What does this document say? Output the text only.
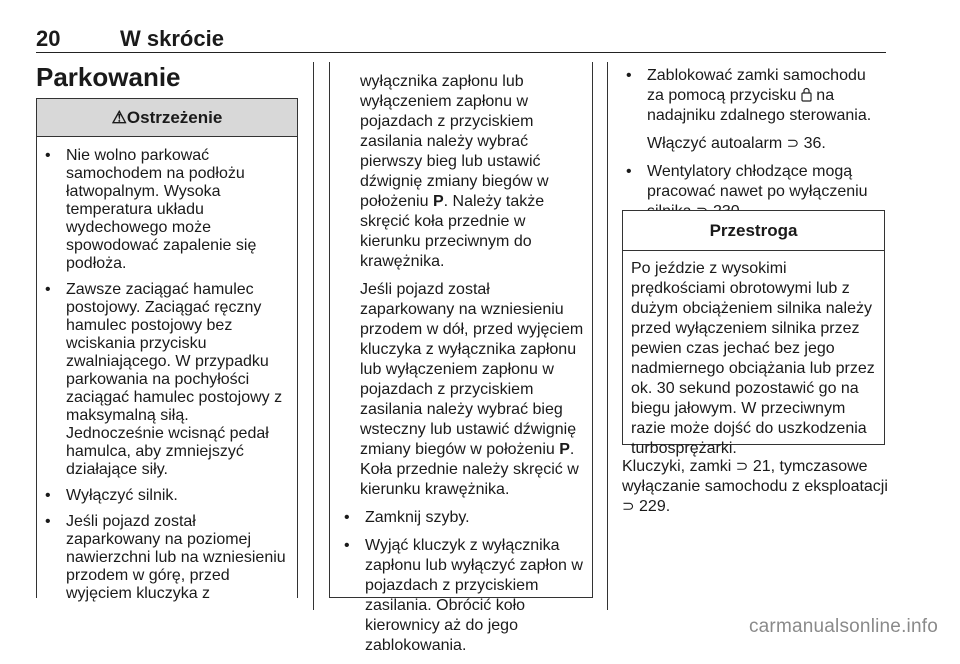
20	W skrócie
Parkowanie
⚠Ostrzeżenie
• Nie wolno parkować
samochodem na podłożu
łatwopalnym. Wysoka
temperatura układu
wydechowego może
spowodować zapalenie się
podłoża.
• Zawsze zaciągać hamulec
postojowy. Zaciągać ręczny
hamulec postojowy bez
wciskania przycisku
zwalniającego. W przypadku
parkowania na pochyłości
zaciągać hamulec postojowy z
maksymalną siłą.
Jednocześnie wcisnąć pedał
hamulca, aby zmniejszyć
działające siły.
• Wyłączyć silnik.
• Jeśli pojazd został
zaparkowany na poziomej
nawierzchni lub na wzniesieniu
przodem w górę, przed
wyjęciem kluczyka z
wyłącznika zapłonu lub
wyłączeniem zapłonu w
pojazdach z przyciskiem
zasilania należy wybrać
pierwszy bieg lub ustawić
dźwignię zmiany biegów w
położeniu P. Należy także
skręcić koła przednie w
kierunku przeciwnym do
krawężnika.
Jeśli pojazd został
zaparkowany na wzniesieniu
przodem w dół, przed wyjęciem
kluczyka z wyłącznika zapłonu
lub wyłączeniem zapłonu w
pojazdach z przyciskiem
zasilania należy wybrać bieg
wsteczny lub ustawić dźwignię
zmiany biegów w położeniu P.
Koła przednie należy skręcić w
kierunku krawężnika.
• Zamknij szyby.
• Wyjąć kluczyk z wyłącznika
zapłonu lub wyłączyć zapłon w
pojazdach z przyciskiem
zasilania. Obrócić koło
kierownicy aż do jego
zablokowania.
• Zablokować zamki samochodu
za pomocą przycisku  na
nadajniku zdalnego sterowania.
Włączyć autoalarm ⊃ 36.
• Wentylatory chłodzące mogą
pracować nawet po wyłączeniu
Przestroga
Po jeździe z wysokimi
prędkościami obrotowymi lub z
dużym obciążeniem silnika należy
przed wyłączeniem silnika przez
pewien czas jechać bez jego
nadmiernego obciążania lub przez
ok. 30 sekund pozostawić go na
biegu jałowym. W przeciwnym
razie może dojść do uszkodzenia
turbosprężarki.
Kluczyki, zamki ⊃ 21, tymczasowe
wyłączanie samochodu z eksploatacji
⊃ 229.
carmanualsonline.info
